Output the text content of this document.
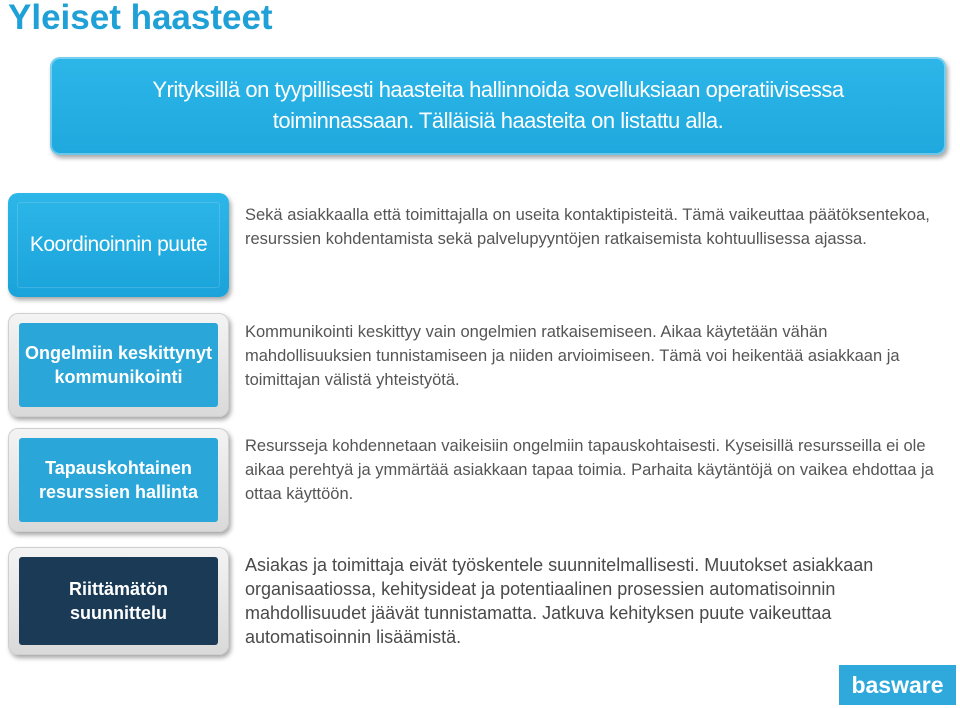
Yleiset haasteet
Yrityksillä on tyypillisesti haasteita hallinnoida sovelluksiaan operatiivisessa
toiminnassaan. Tälläisiä haasteita on listattu alla.
Koordinoinnin puute
Sekä asiakkaalla että toimittajalla on useita kontaktipisteitä. Tämä vaikeuttaa päätöksentekoa, resurssien kohdentamista sekä palvelupyyntöjen ratkaisemista kohtuullisessa ajassa.
Ongelmiin keskittynyt kommunikointi
Kommunikointi keskittyy vain ongelmien ratkaisemiseen. Aikaa käytetään vähän mahdollisuuksien tunnistamiseen ja niiden arvioimiseen. Tämä voi heikentää asiakkaan ja toimittajan välistä yhteistyötä.
Tapauskohtainen resurssien hallinta
Resursseja kohdennetaan vaikeisiin ongelmiin tapauskohtaisesti. Kyseisillä resursseilla ei ole aikaa perehtyä ja ymmärtää asiakkaan tapaa toimia. Parhaita käytäntöjä on vaikea ehdottaa ja ottaa käyttöön.
Riittämätön suunnittelu
Asiakas ja toimittaja eivät työskentele suunnitelmallisesti. Muutokset asiakkaan organisaatiossa, kehitysideat ja potentiaalinen prosessien automatisoinnin mahdollisuudet jäävät tunnistamatta. Jatkuva kehityksen puute vaikeuttaa automatisoinnin lisäämistä.
basware
